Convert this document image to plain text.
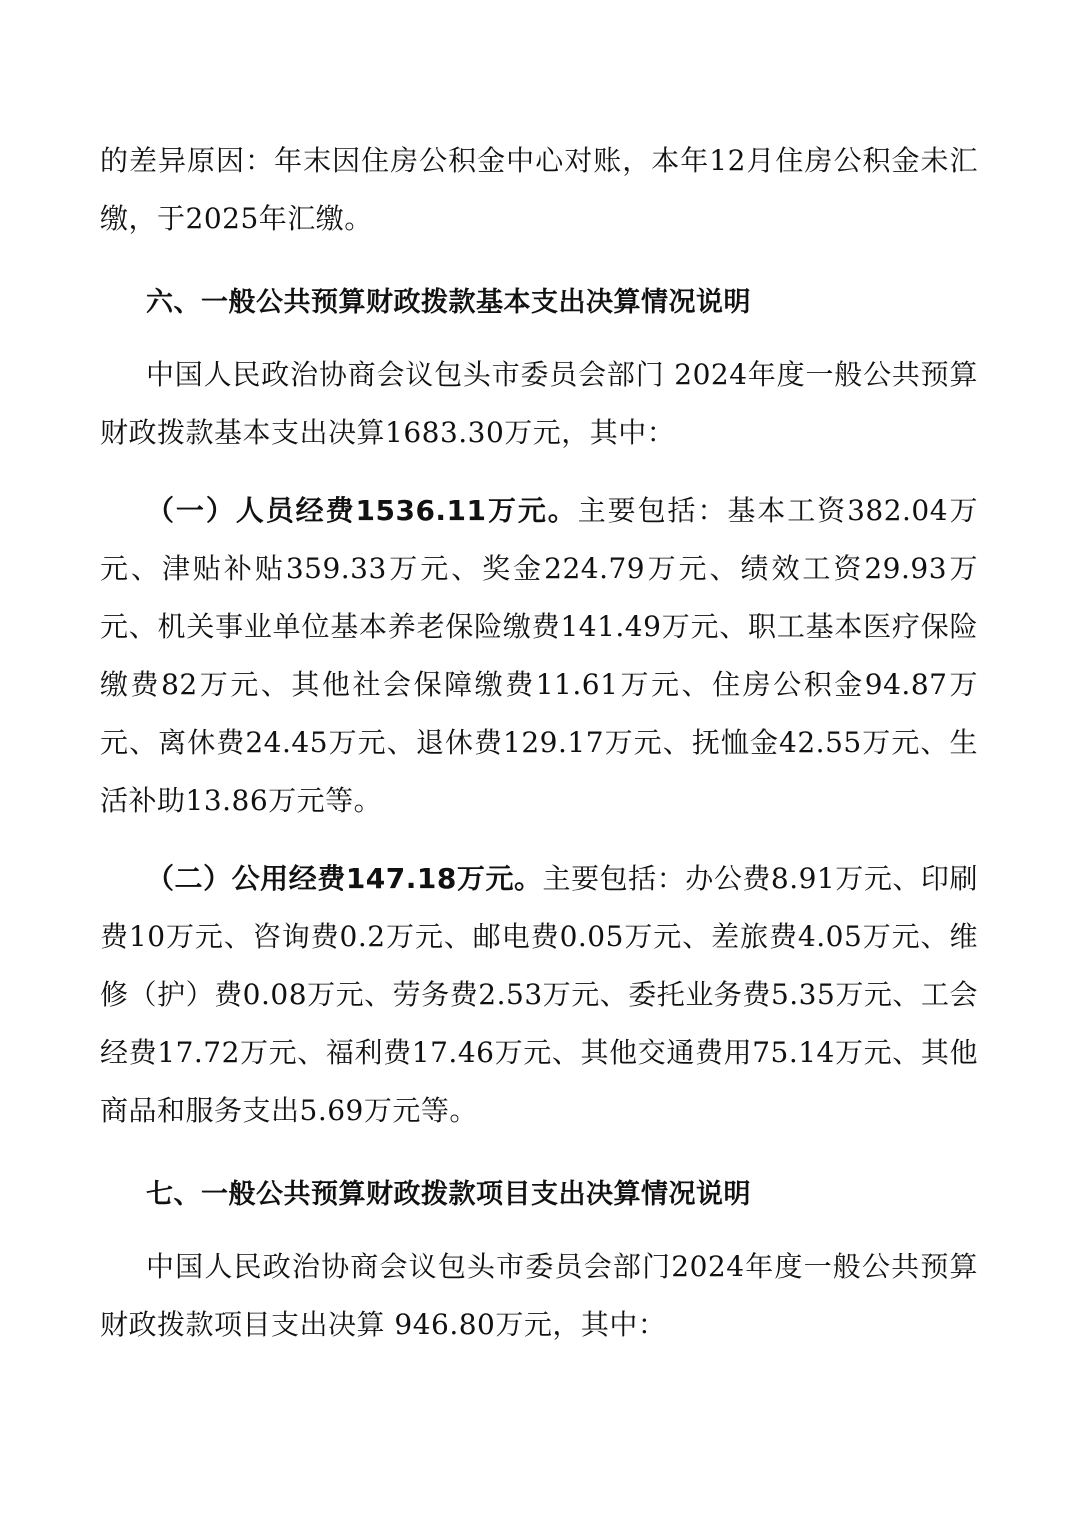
的差异原因：年末因住房公积金中心对账，本年12月住房公积金未汇缴，于2025年汇缴。

六、一般公共预算财政拨款基本支出决算情况说明

中国人民政治协商会议包头市委员会部门 2024年度一般公共预算财政拨款基本支出决算1683.30万元，其中：

（一）人员经费1536.11万元。主要包括：基本工资382.04万元、津贴补贴359.33万元、奖金224.79万元、绩效工资29.93万元、机关事业单位基本养老保险缴费141.49万元、职工基本医疗保险缴费82万元、其他社会保障缴费11.61万元、住房公积金94.87万元、离休费24.45万元、退休费129.17万元、抚恤金42.55万元、生活补助13.86万元等。

（二）公用经费147.18万元。主要包括：办公费8.91万元、印刷费10万元、咨询费0.2万元、邮电费0.05万元、差旅费4.05万元、维修（护）费0.08万元、劳务费2.53万元、委托业务费5.35万元、工会经费17.72万元、福利费17.46万元、其他交通费用75.14万元、其他商品和服务支出5.69万元等。

七、一般公共预算财政拨款项目支出决算情况说明

中国人民政治协商会议包头市委员会部门2024年度一般公共预算财政拨款项目支出决算 946.80万元，其中：
